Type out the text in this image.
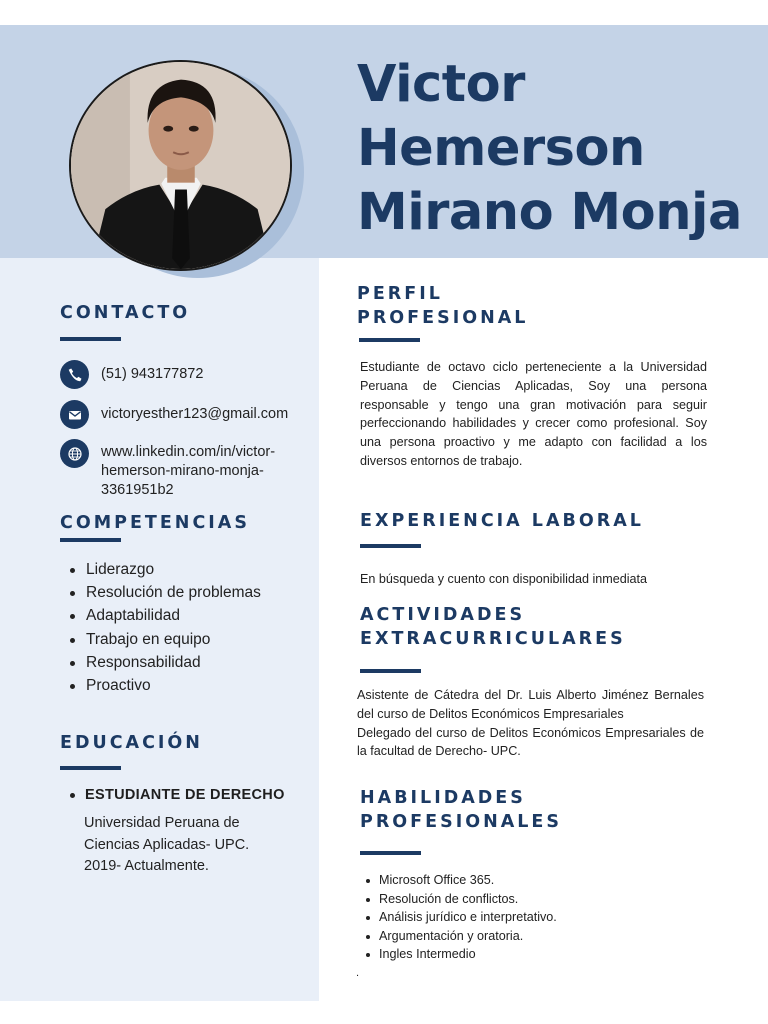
Victor
Hemerson
Mirano Monja
CONTACTO
(51) 943177872
victoryesther123@gmail.com
www.linkedin.com/in/victor-hemerson-mirano-monja-3361951b2
COMPETENCIAS
Liderazgo
Resolución de problemas
Adaptabilidad
Trabajo en equipo
Responsabilidad
Proactivo
EDUCACIÓN
ESTUDIANTE DE DERECHO
Universidad Peruana de Ciencias Aplicadas- UPC. 2019- Actualmente.
PERFIL
PROFESIONAL
Estudiante de octavo ciclo perteneciente a la Universidad Peruana de Ciencias Aplicadas, Soy una persona responsable y tengo una gran motivación para seguir perfeccionando habilidades y crecer como profesional. Soy una persona proactivo y me adapto con facilidad a los diversos entornos de trabajo.
EXPERIENCIA LABORAL
En búsqueda y cuento con disponibilidad inmediata
ACTIVIDADES
EXTRACURRICULARES
Asistente de Cátedra del Dr. Luis Alberto Jiménez Bernales del curso de Delitos Económicos Empresariales
Delegado del curso de Delitos Económicos Empresariales de la facultad de Derecho- UPC.
HABILIDADES
PROFESIONALES
Microsoft Office 365.
Resolución de conflictos.
Análisis jurídico e interpretativo.
Argumentación y oratoria.
Ingles Intermedio
.
